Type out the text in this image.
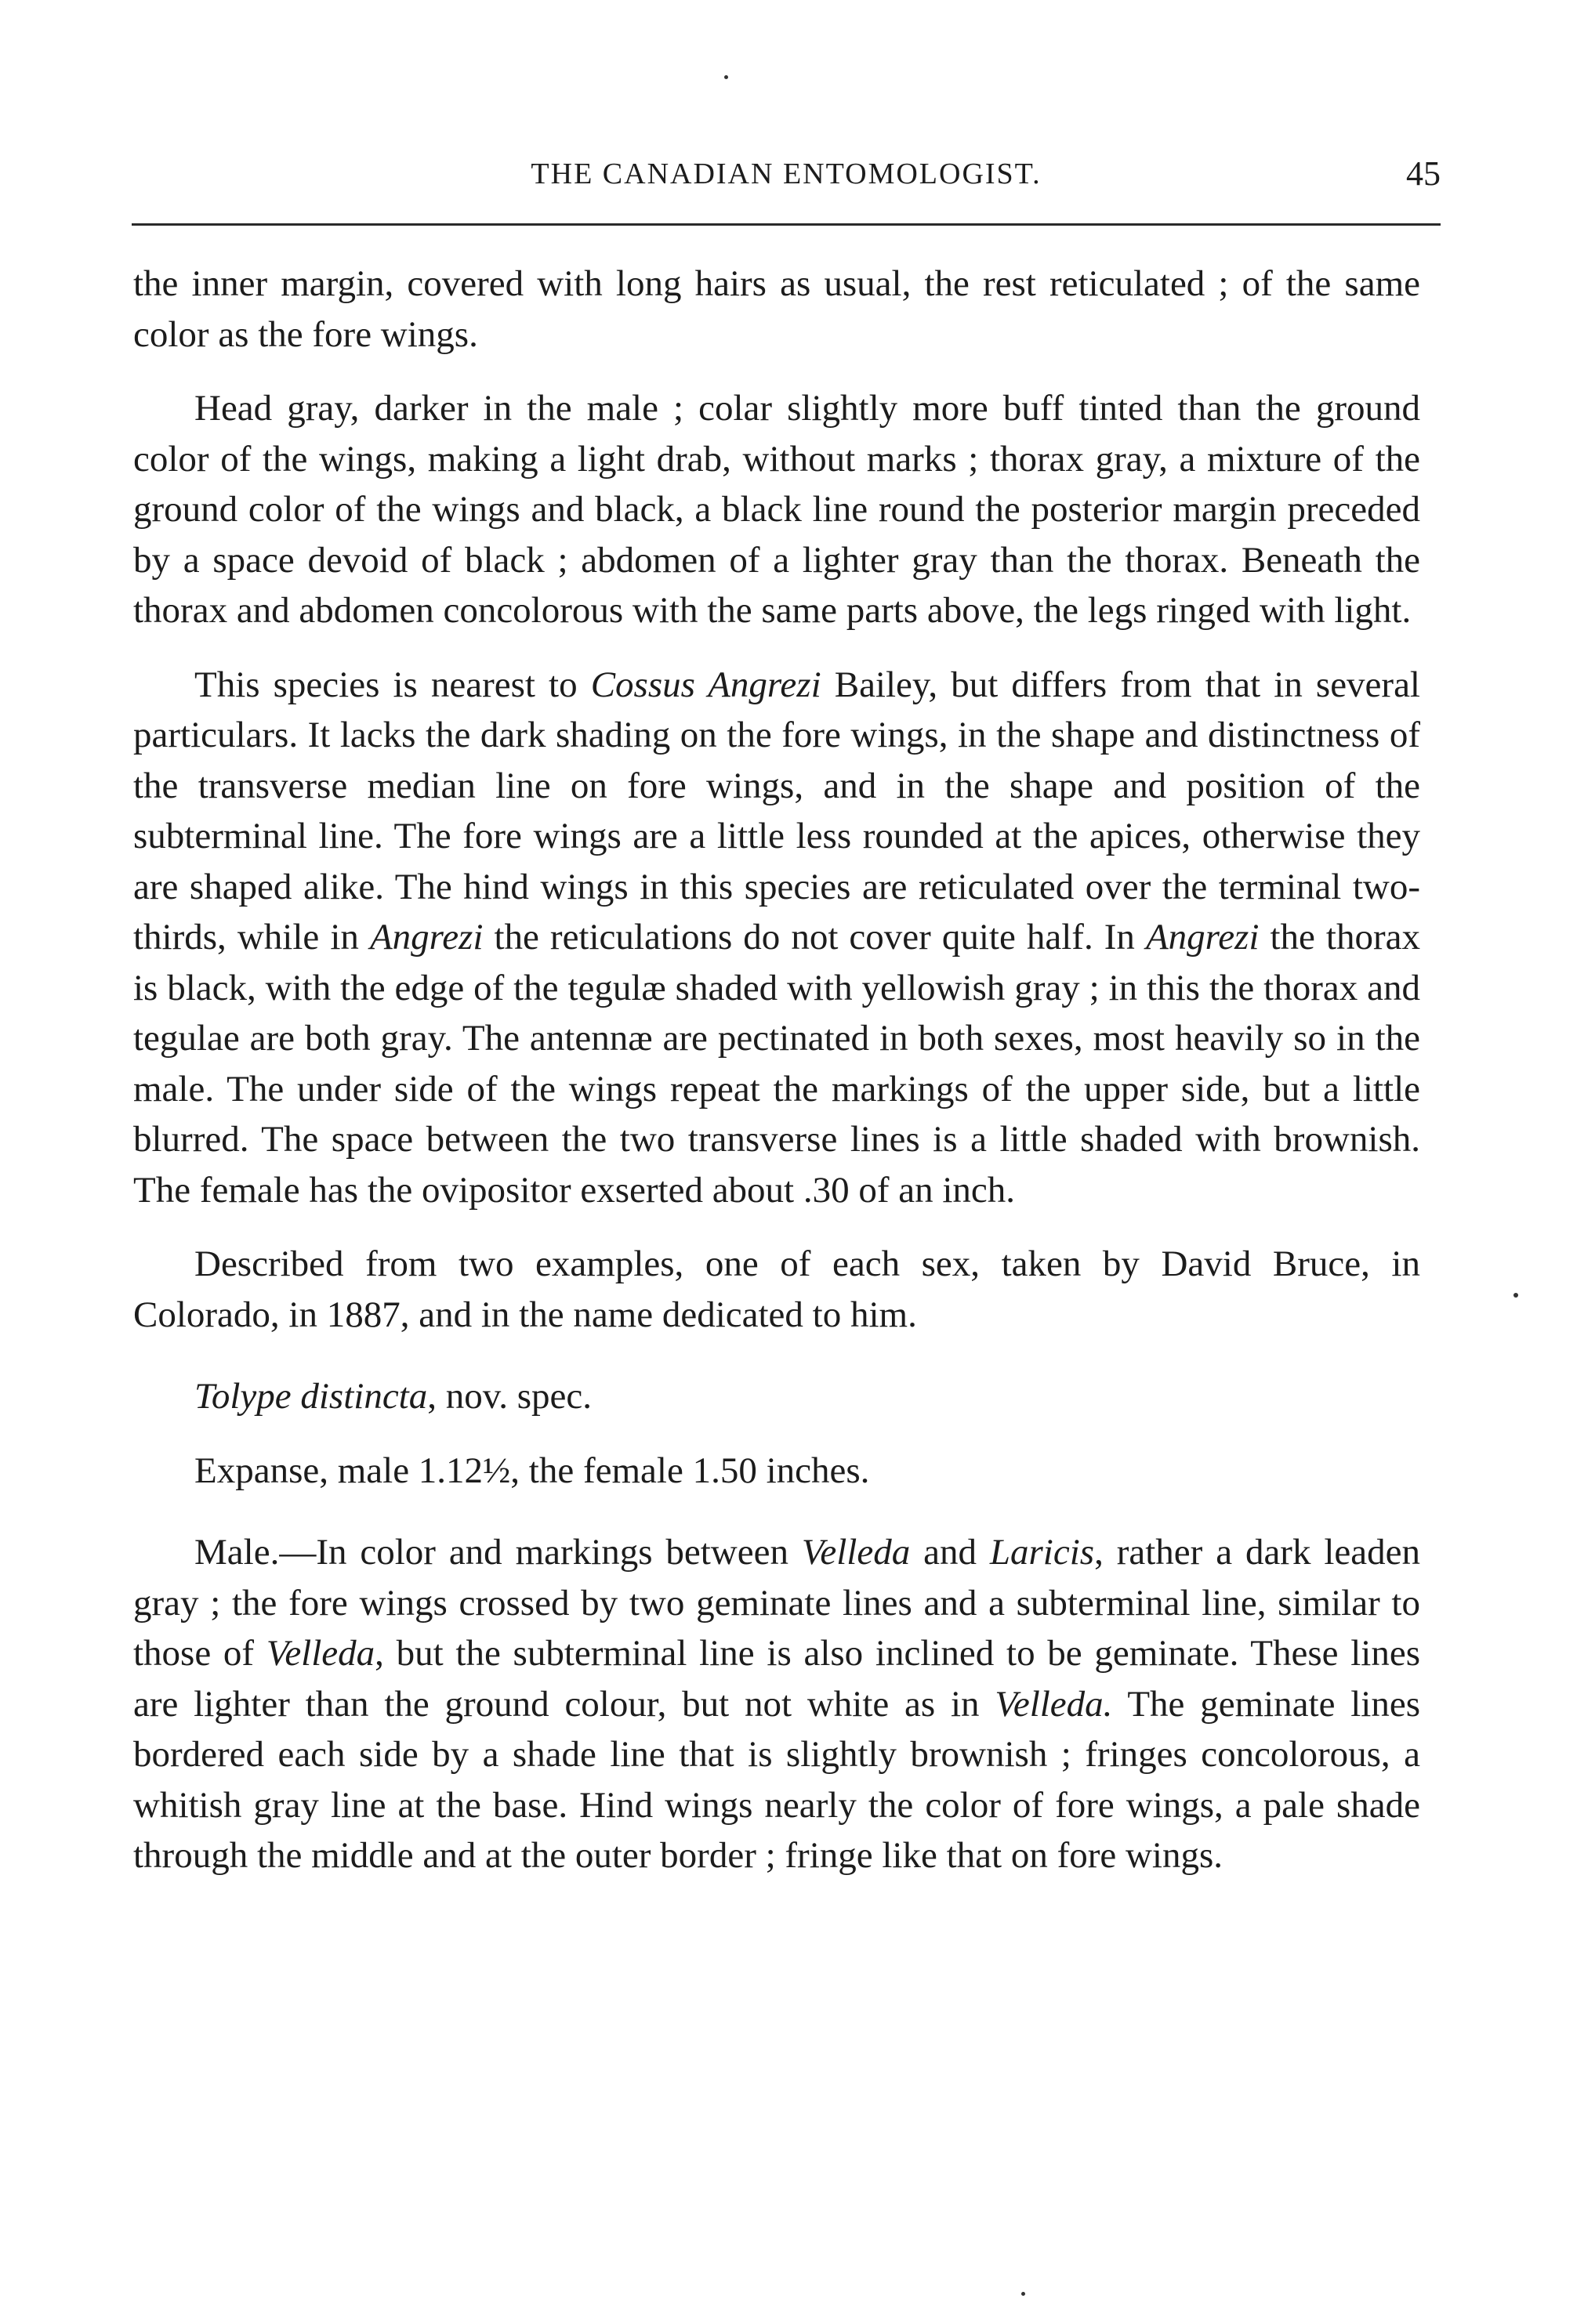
THE CANADIAN ENTOMOLOGIST.	45

the inner margin, covered with long hairs as usual, the rest reticulated ; of the same color as the fore wings.

Head gray, darker in the male ; colar slightly more buff tinted than the ground color of the wings, making a light drab, without marks ; thorax gray, a mixture of the ground color of the wings and black, a black line round the posterior margin preceded by a space devoid of black ; abdomen of a lighter gray than the thorax. Beneath the thorax and abdomen concolorous with the same parts above, the legs ringed with light.

This species is nearest to Cossus Angrezi Bailey, but differs from that in several particulars. It lacks the dark shading on the fore wings, in the shape and distinctness of the transverse median line on fore wings, and in the shape and position of the subterminal line. The fore wings are a little less rounded at the apices, otherwise they are shaped alike. The hind wings in this species are reticulated over the terminal two-thirds, while in Angrezi the reticulations do not cover quite half. In Angrezi the thorax is black, with the edge of the tegulæ shaded with yellowish gray ; in this the thorax and tegulae are both gray. The antennæ are pectinated in both sexes, most heavily so in the male. The under side of the wings repeat the markings of the upper side, but a little blurred. The space between the two transverse lines is a little shaded with brownish. The female has the ovipositor exserted about .30 of an inch.

Described from two examples, one of each sex, taken by David Bruce, in Colorado, in 1887, and in the name dedicated to him.

Tolype distincta, nov. spec.

Expanse, male 1.12½, the female 1.50 inches.

Male.—In color and markings between Velleda and Laricis, rather a dark leaden gray ; the fore wings crossed by two geminate lines and a subterminal line, similar to those of Velleda, but the subterminal line is also inclined to be geminate. These lines are lighter than the ground colour, but not white as in Velleda. The geminate lines bordered each side by a shade line that is slightly brownish ; fringes concolorous, a whitish gray line at the base. Hind wings nearly the color of fore wings, a pale shade through the middle and at the outer border ; fringe like that on fore wings.
